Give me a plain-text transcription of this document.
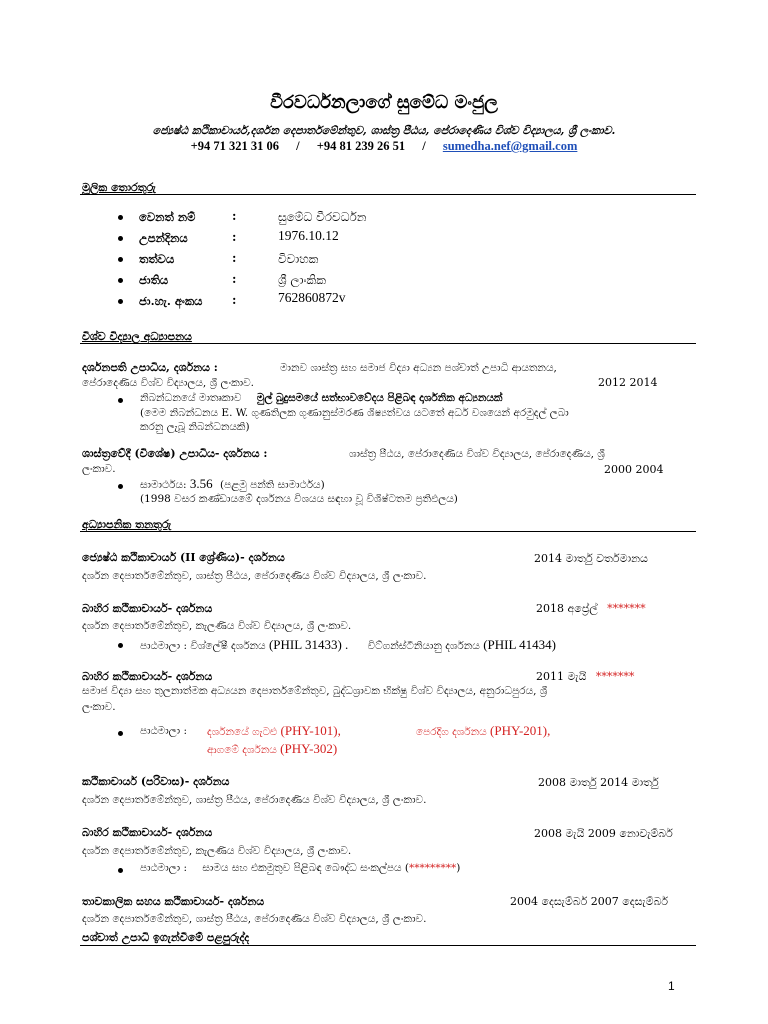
වීරවර්ධනලාගේ සුමේධ මංජුල
ජ්‍යෙෂ්ඨ කථිකාචාර්ය,දර්ශන දෙපාර්තමේන්තුව, ශාස්ත්‍ර පීඨය, පේරාදෙණිය විශ්ව විද්‍යාලය, ශ්‍රී ලංකාව.
+94 71 321 31 06 / +94 81 239 26 51 / sumedha.nef@gmail.com
මූලික තොරතුරු
වෙනත් නම්	:	සුමේධ වීරවර්ධන
උපන්දිනය	:	1976.10.12
තත්වය	:	විවාහක
ජාතිය	:	ශ්‍රී ලාංකික
ජා.හැ. අංකය :	762860872v
විශ්ව විද්‍යාල අධ්‍යාපනය
දර්ශනපති උපාධිය, දර්ශනය :	මානව ශාස්ත්‍ර සහ සමාජ විද්‍යා අධ්‍යන පශ්චාත් උපාධි ආයතනය,
පේරාදෙණිය විශ්ව විද්‍යාලය, ශ්‍රී ලංකාව.	2012 2014
නිබන්ධනයේ මාතෘකාව මුල් බුදුසමයේ සත්භාවවේදය පිළිබඳ දාර්ශනික අධ්‍යනයක්
(මෙම නිබන්ධනය E. W. ගුණතිලක ගුණානුස්මරණ ශිෂ්‍යත්වය යටතේ අර්ධ වශයෙන් අරමුදල් ලබා
කරනු ලැබූ නිබන්ධනයකි)
ශාස්ත්‍රවේදී (විශේෂ) උපාධිය- දර්ශනය :	ශාස්ත්‍ර පීඨය, පේරාදෙණිය විශ්ව විද්‍යාලය, පේරාදෙණිය, ශ්‍රී
ලංකාව.	2000 2004
සාමාර්ථය: 3.56 (පළමු පන්ති සාමාර්ථය)
(1998 වසර කණ්ඩායමේ දර්ශනය විශයය සඳහා වූ විශිෂ්ටතම ප්‍රතිඵලය)
අධ්‍යාපනික තනතුරු
ජ්‍යෙෂ්ඨ කථිකාචාර්ය (II ශ්‍රේණිය)- දර්ශනය	2014 මාර්තු වර්තමානය
දර්ශන දෙපාර්තමේන්තුව, ශාස්ත්‍ර පීඨය, පේරාදෙණිය විශ්ව විද්‍යාලය, ශ්‍රී ලංකාව.
බාහිර කථිකාචාර්ය- දර්ශනය	2018 අප්‍රේල් *******
දර්ශන දෙපාර්තමේන්තුව, කැලණිය විශ්ව විද්‍යාලය, ශ්‍රී ලංකාව.
පාඨමාලා : විශ්ලේෂී දර්ශනය (PHIL 31433) . විට්ගන්ස්ටීනියානු දර්ශනය (PHIL 41434)
බාහිර කථිකාචාර්ය- දර්ශනය	2011 මැයි *******
සමාජ විද්‍යා සහ තුලනාත්මක අධ්‍යයන දෙපාර්තමේන්තුව, බුද්ධශ්‍රාවක භික්ෂු විශ්ව විද්‍යාලය, අනුරාධපුරය, ශ්‍රී
ලංකාව.
පාඨමාලා : දර්ශනයේ ගැටළු (PHY-101),	පෙරදිග දර්ශනය (PHY-201),
ආගමේ දර්ශනය (PHY-302)
කථිකාචාර්ය (පරිවාස)- දර්ශනය	2008 මාර්තු 2014 මාර්තු
දර්ශන දෙපාර්තමේන්තුව, ශාස්ත්‍ර පීඨය, පේරාදෙණිය විශ්ව විද්‍යාලය, ශ්‍රී ලංකාව.
බාහිර කථිකාචාර්ය- දර්ශනය	2008 මැයි 2009 නොවැම්බර්
දර්ශන දෙපාර්තමේන්තුව, කැලණිය විශ්ව විද්‍යාලය, ශ්‍රී ලංකාව.
පාඨමාලා : සාමය සහ එකමුතුව පිළිබඳ බෞද්ධ සංකල්පය (*********)
තාවකාලික සහය කථිකාචාර්ය- දර්ශනය	2004 දෙසැම්බර් 2007 දෙසැම්බර්
දර්ශන දෙපාර්තමේන්තුව, ශාස්ත්‍ර පීඨය, පේරාදෙණිය විශ්ව විද්‍යාලය, ශ්‍රී ලංකාව.
පශ්චාත් උපාධි ඉගැන්වීමේ පළපුරුද්ද
1
